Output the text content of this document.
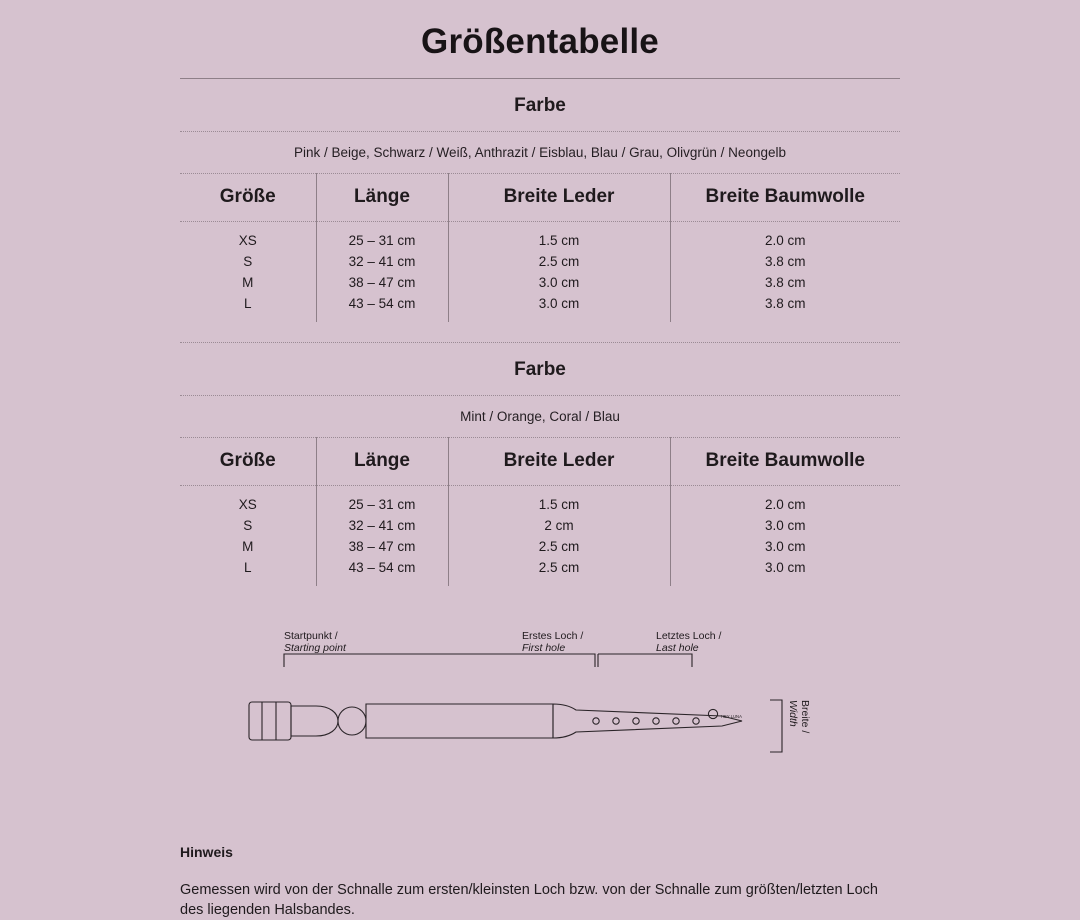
Größentabelle
Farbe
Pink / Beige, Schwarz / Weiß, Anthrazit / Eisblau, Blau / Grau, Olivgrün / Neongelb
Größe	Länge	Breite Leder	Breite Baumwolle
XS	25 – 31 cm	1.5 cm	2.0 cm
S	32 – 41 cm	2.5 cm	3.8 cm
M	38 – 47 cm	3.0 cm	3.8 cm
L	43 – 54 cm	3.0 cm	3.8 cm
Farbe
Mint / Orange, Coral / Blau
Größe	Länge	Breite Leder	Breite Baumwolle
XS	25 – 31 cm	1.5 cm	2.0 cm
S	32 – 41 cm	2 cm	3.0 cm
M	38 – 47 cm	2.5 cm	3.0 cm
L	43 – 54 cm	2.5 cm	3.0 cm
Startpunkt /
Starting point
Erstes Loch /
First hole
Letztes Loch /
Last hole
Breite /
Width
HEY LUNA
Hinweis
Gemessen wird von der Schnalle zum ersten/kleinsten Loch bzw. von der Schnalle zum größten/letzten Loch des liegenden Halsbandes.
